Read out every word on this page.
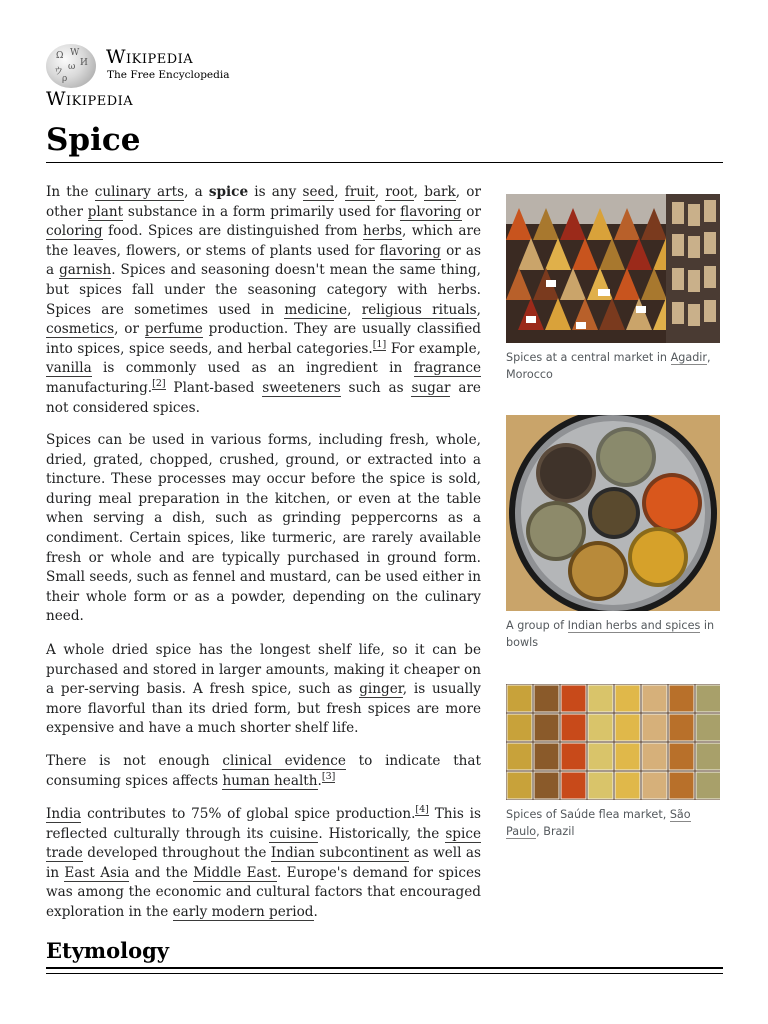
Ω W
И
ウ ω
ρ
Wikipedia
The Free Encyclopedia
Wikipedia
Spice

In the culinary arts, a spice is any seed, fruit, root, bark, or other plant substance in a form primarily used for flavoring or coloring food. Spices are distinguished from herbs, which are the leaves, flowers, or stems of plants used for flavoring or as a garnish. Spices and seasoning doesn't mean the same thing, but spices fall under the seasoning category with herbs. Spices are sometimes used in medicine, religious rituals, cosmetics, or perfume production. They are usually classified into spices, spice seeds, and herbal categories.[1] For example, vanilla is commonly used as an ingredient in fragrance manufacturing.[2] Plant-based sweeteners such as sugar are not considered spices.

Spices can be used in various forms, including fresh, whole, dried, grated, chopped, crushed, ground, or extracted into a tincture. These processes may occur before the spice is sold, during meal preparation in the kitchen, or even at the table when serving a dish, such as grinding peppercorns as a condiment. Certain spices, like turmeric, are rarely available fresh or whole and are typically purchased in ground form. Small seeds, such as fennel and mustard, can be used either in their whole form or as a powder, depending on the culinary need.

A whole dried spice has the longest shelf life, so it can be purchased and stored in larger amounts, making it cheaper on a per-serving basis. A fresh spice, such as ginger, is usually more flavorful than its dried form, but fresh spices are more expensive and have a much shorter shelf life.

There is not enough clinical evidence to indicate that consuming spices affects human health.[3]

India contributes to 75% of global spice production.[4] This is reflected culturally through its cuisine. Historically, the spice trade developed throughout the Indian subcontinent as well as in East Asia and the Middle East. Europe's demand for spices was among the economic and cultural factors that encouraged exploration in the early modern period.

Spices at a central market in Agadir, Morocco
A group of Indian herbs and spices in bowls
Spices of Saúde flea market, São Paulo, Brazil
Etymology
